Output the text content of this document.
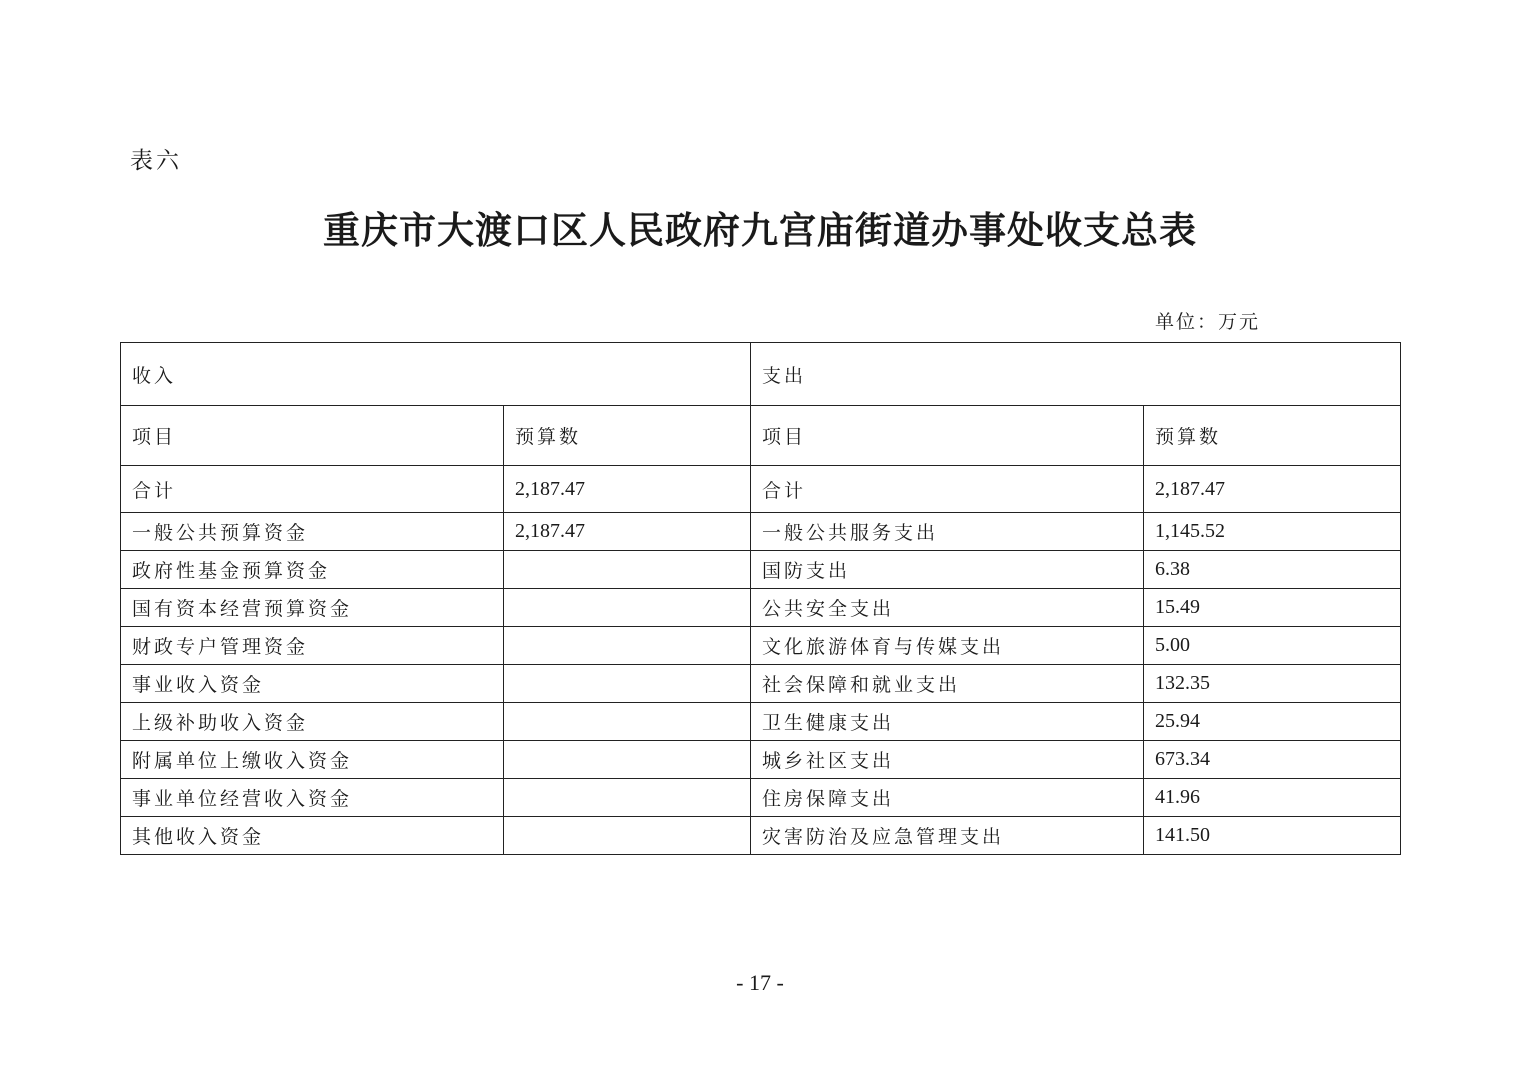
表六
重庆市大渡口区人民政府九宫庙街道办事处收支总表
单位：万元
收入		支出	
项目	预算数	项目	预算数
合计	2,187.47	合计	2,187.47
一般公共预算资金	2,187.47	一般公共服务支出	1,145.52
政府性基金预算资金		国防支出	6.38
国有资本经营预算资金		公共安全支出	15.49
财政专户管理资金		文化旅游体育与传媒支出	5.00
事业收入资金		社会保障和就业支出	132.35
上级补助收入资金		卫生健康支出	25.94
附属单位上缴收入资金		城乡社区支出	673.34
事业单位经营收入资金		住房保障支出	41.96
其他收入资金		灾害防治及应急管理支出	141.50
- 17 -
